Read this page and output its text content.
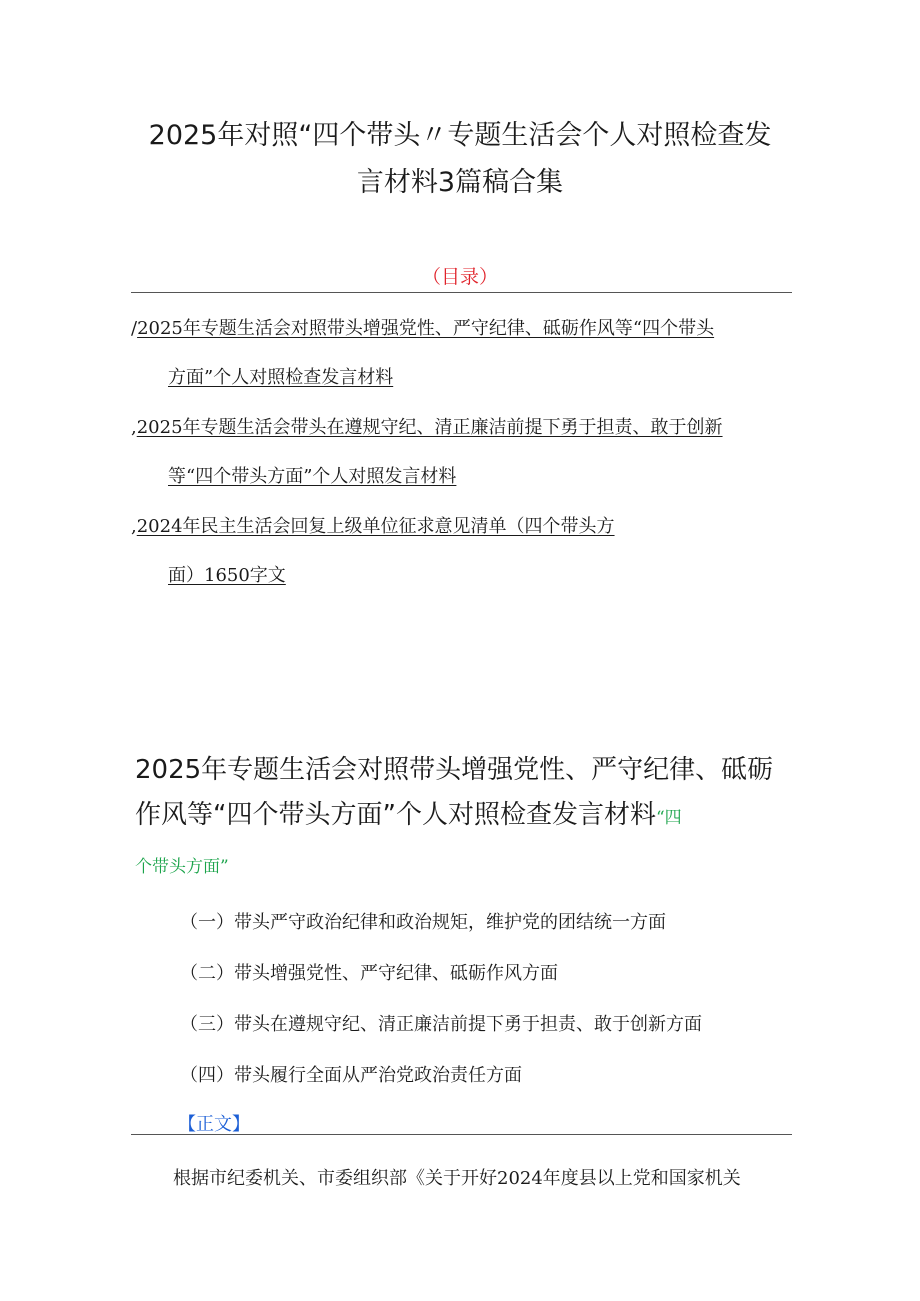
2025年对照“四个带头〃专题生活会个人对照检查发
言材料3篇稿合集
（目录）
/2025年专题生活会对照带头增强党性、严守纪律、砥砺作风等“四个带头
方面”个人对照检查发言材料
,2025年专题生活会带头在遵规守纪、清正廉洁前提下勇于担责、敢于创新
等“四个带头方面”个人对照发言材料
,2024年民主生活会回复上级单位征求意见清单（四个带头方
面）1650字文
2025年专题生活会对照带头增强党性、严守纪律、砥砺作风等“四个带头方面”个人对照检查发言材料“四
个带头方面”
（一）带头严守政治纪律和政治规矩，维护党的团结统一方面
（二）带头增强党性、严守纪律、砥砺作风方面
（三）带头在遵规守纪、清正廉洁前提下勇于担责、敢于创新方面
（四）带头履行全面从严治党政治责任方面
【正文】
根据市纪委机关、市委组织部《关于开好2024年度县以上党和国家机关
